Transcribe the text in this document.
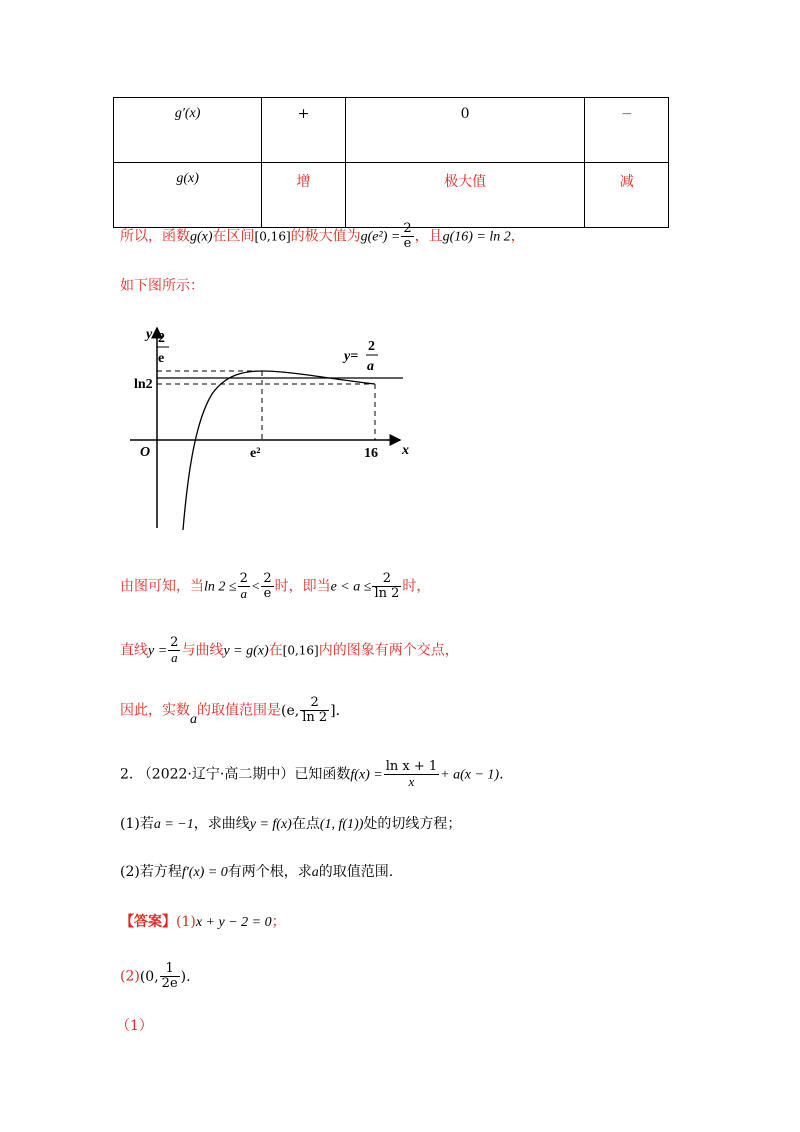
g′(x)	+	0	−
g(x)	增	极大值	减
所以，函数g(x)在区间[0,16]的极大值为$g(e^2) = \frac{2}{e}$ ，且g(16) = ln 2，
如下图所示：
y
x
O
2
e
ln2
e²	16
y=
2
a
由图可知，当$\ln 2 \le \frac{2}{a} < \frac{2}{e}$ 时，即当$e < a \le \frac{2}{\ln 2}$ 时，
直线$y = \frac{2}{a}$ 与曲线y = g(x)在[0,16]内的图象有两个交点，
因此，实数a的取值范围是(e, $\frac{2}{\ln 2}$ ].
2. （2022·辽宁·高二期中）已知函数$f(x) = \frac{\text{ln x + 1}}{x} + a(x - 1)$.
(1)若a = −1，求曲线y = f(x)在点(1, f(1))处的切线方程；
(2)若方程f′(x) = 0有两个根，求a的取值范围.
【答案】(1)x + y − 2 = 0；
(2)(0, $\frac{1}{2e}$ ).
（1）
